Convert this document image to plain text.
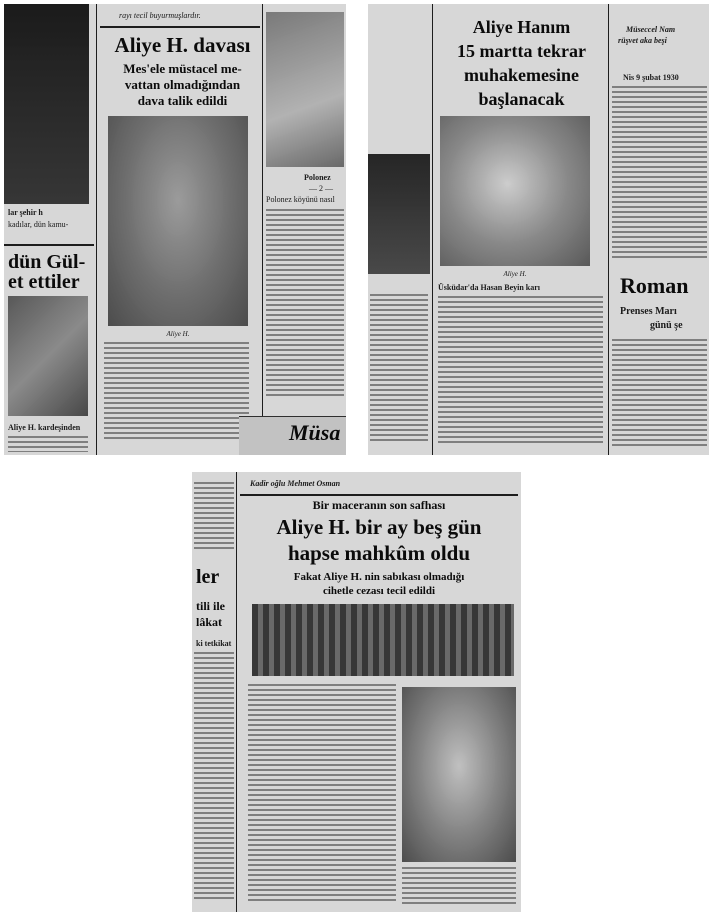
lar şehir h
kadılar, dün kamu-
dün Gül-
et ettiler
Aliye H. kardeşinden
rayı tecil buyurmuşlardır.
Aliye H. davası
Mes'ele müstacel me-
vattan olmadığından
dava talik edildi
Aliye H.
Polonez
— 2 —
Polonez köyünü nasıl
Müsa
Aliye Hanım
15 martta tekrar
muhakemesine
başlanacak
Aliye H.
Üsküdar'da Hasan Beyin karı
Müseccel Nam
rüşvet aka beşi
Nis 9 şubat 1930
Roman
Prenses Marı
günü şe
ler
tili ile
lâkat
ki tetkikat
Kadir oğlu Mehmet Osman
Bir maceranın son safhası
Aliye H. bir ay beş gün
hapse mahkûm oldu
Fakat Aliye H. nin sabıkası olmadığı
cihetle cezası tecil edildi
